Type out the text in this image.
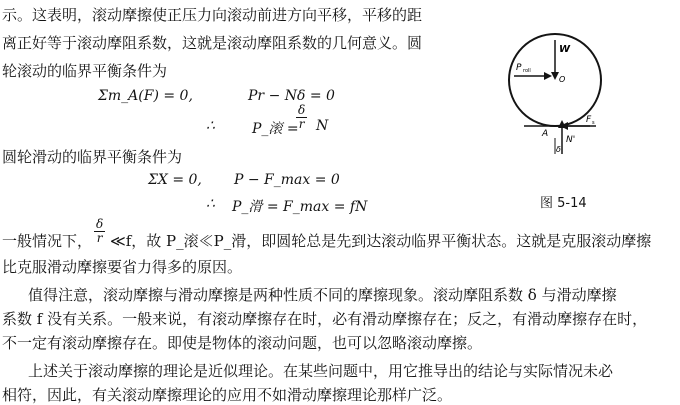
示。这表明，滚动摩擦使正压力向滚动前进方向平移，平移的距
离正好等于滚动摩阻系数，这就是滚动摩阻系数的几何意义。圆
轮滚动的临界平衡条件为
Σm_A(F) = 0,	Pr − Nδ = 0
∴	P_滚 =
$\frac{\delta}{r}$ N
圆轮滑动的临界平衡条件为
ΣX = 0, P − F_max = 0
∴ P_滑 = F_max = fN
一般情况下， $\frac{\delta}{r}$ ≪f，故 P_滚≪P_滑，即圆轮总是先到达滚动临界平衡状态。这就是克服滚动摩擦
比克服滑动摩擦要省力得多的原因。
值得注意，滚动摩擦与滑动摩擦是两种性质不同的摩擦现象。滚动摩阻系数 δ 与滑动摩擦
系数 f 没有关系。一般来说，有滚动摩擦存在时，必有滑动摩擦存在；反之，有滑动摩擦存在时，
不一定有滚动摩擦存在。即使是物体的滚动问题，也可以忽略滚动摩擦。
上述关于滚动摩擦的理论是近似理论。在某些问题中，用它推导出的结论与实际情况未必
相符，因此，有关滚动摩擦理论的应用不如滑动摩擦理论那样广泛。
W
P roll
O
A
N'
F s
δ
图 5-14
